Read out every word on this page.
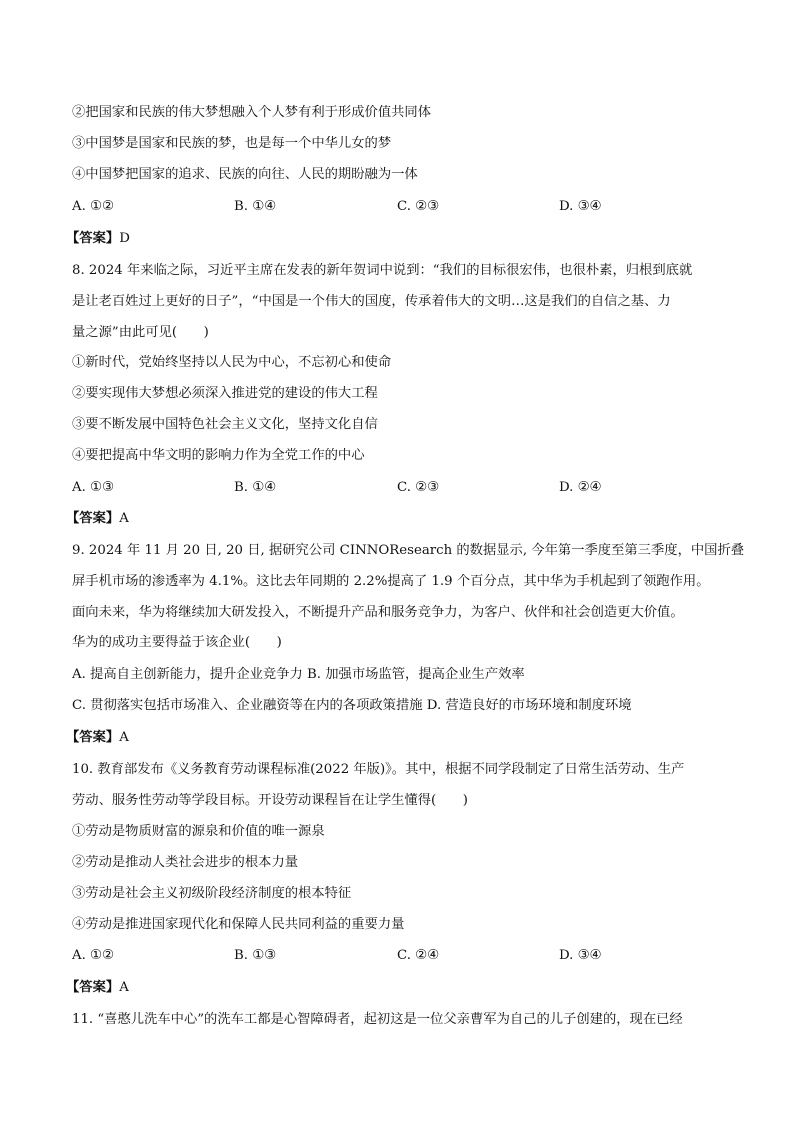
②把国家和民族的伟大梦想融入个人梦有利于形成价值共同体
③中国梦是国家和民族的梦，也是每一个中华儿女的梦
④中国梦把国家的追求、民族的向往、人民的期盼融为一体
A. ①②	B. ①④	C. ②③	D. ③④
【答案】D
8. 2024 年来临之际，习近平主席在发表的新年贺词中说到：“我们的目标很宏伟，也很朴素，归根到底就
是让老百姓过上更好的日子”，“中国是一个伟大的国度，传承着伟大的文明…这是我们的自信之基、力
量之源”由此可见(　　)
①新时代，党始终坚持以人民为中心，不忘初心和使命
②要实现伟大梦想必须深入推进党的建设的伟大工程
③要不断发展中国特色社会主义文化，坚持文化自信
④要把提高中华文明的影响力作为全党工作的中心
A. ①③	B. ①④	C. ②③	D. ②④
【答案】A
9. 2024 年 11 月 20 日, 20 日, 据研究公司 CINNOResearch 的数据显示, 今年第一季度至第三季度，中国折叠
屏手机市场的渗透率为 4.1%。这比去年同期的 2.2%提高了 1.9 个百分点，其中华为手机起到了领跑作用。
面向未来，华为将继续加大研发投入，不断提升产品和服务竞争力，为客户、伙伴和社会创造更大价值。
华为的成功主要得益于该企业(　　)
A. 提高自主创新能力，提升企业竞争力 B. 加强市场监管，提高企业生产效率
C. 贯彻落实包括市场准入、企业融资等在内的各项政策措施 D. 营造良好的市场环境和制度环境
【答案】A
10. 教育部发布《义务教育劳动课程标准(2022 年版)》。其中，根据不同学段制定了日常生活劳动、生产
劳动、服务性劳动等学段目标。开设劳动课程旨在让学生懂得(　　)
①劳动是物质财富的源泉和价值的唯一源泉
②劳动是推动人类社会进步的根本力量
③劳动是社会主义初级阶段经济制度的根本特征
④劳动是推进国家现代化和保障人民共同利益的重要力量
A. ①②	B. ①③	C. ②④	D. ③④
【答案】A
11. “喜憨儿洗车中心”的洗车工都是心智障碍者，起初这是一位父亲曹军为自己的儿子创建的，现在已经
